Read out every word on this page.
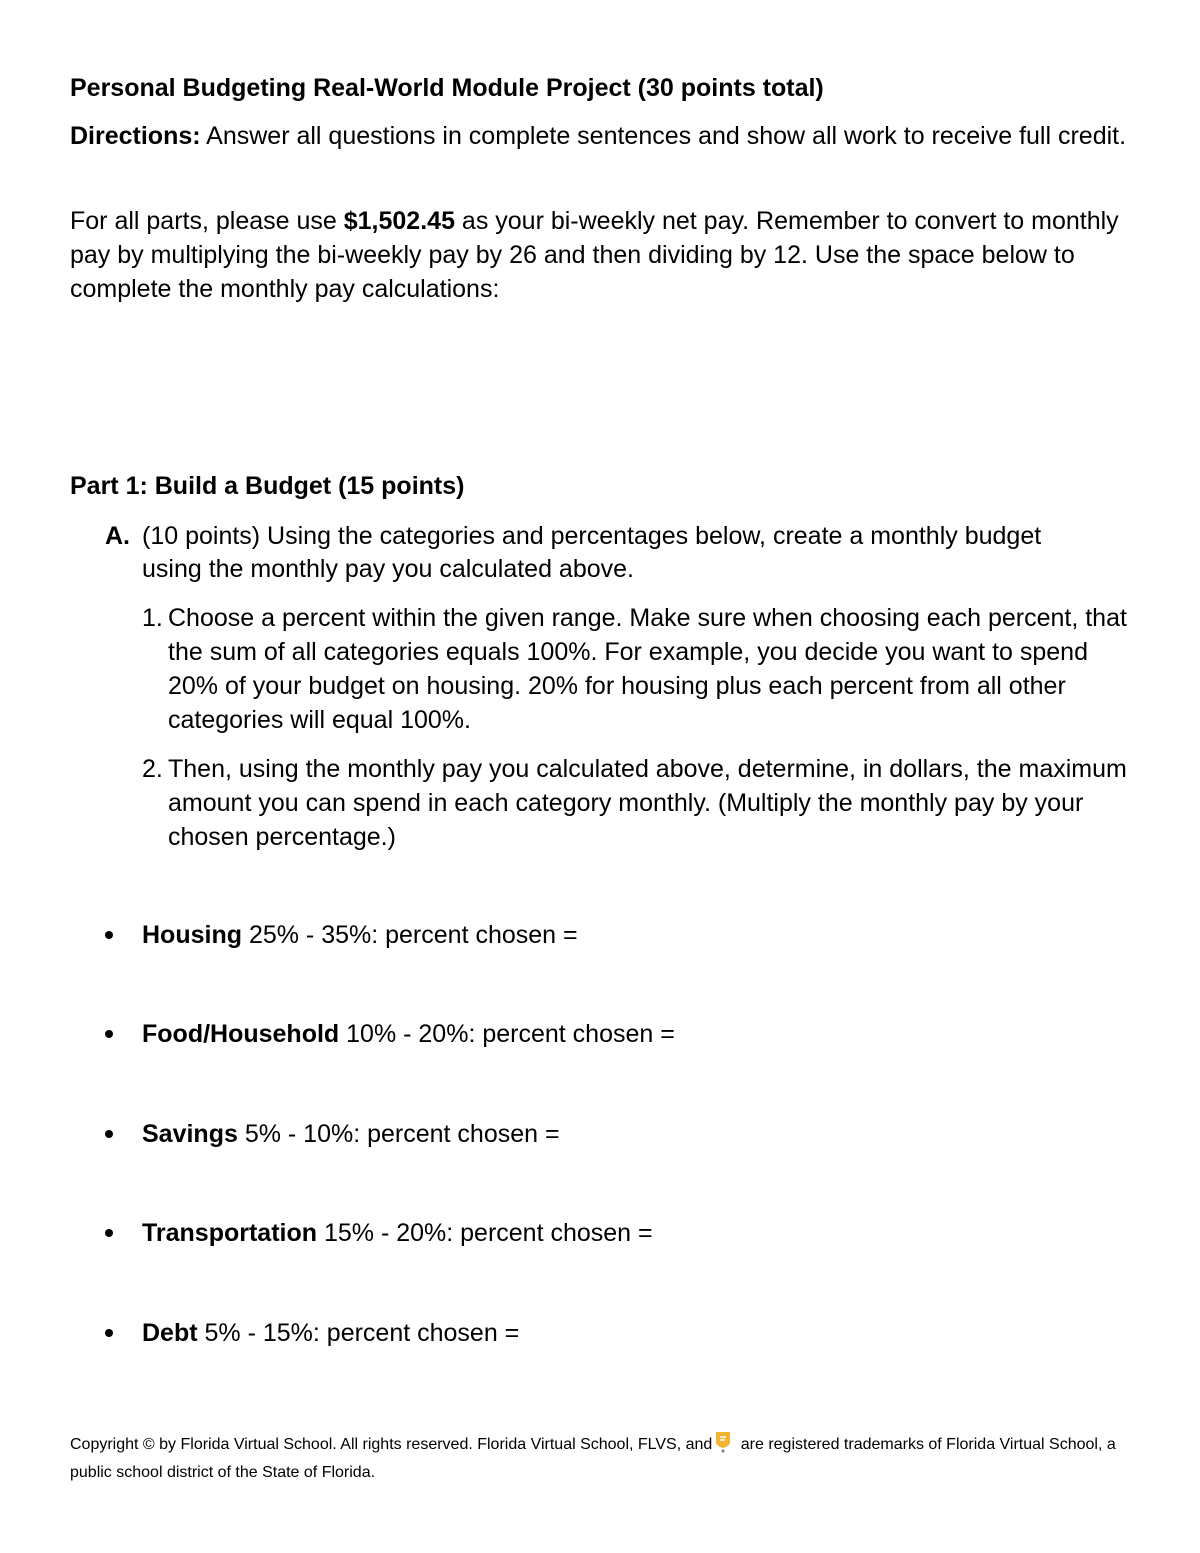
Personal Budgeting Real-World Module Project (30 points total)

Directions: Answer all questions in complete sentences and show all work to receive full credit.

For all parts, please use $1,502.45 as your bi-weekly net pay. Remember to convert to monthly pay by multiplying the bi-weekly pay by 26 and then dividing by 12. Use the space below to complete the monthly pay calculations:

Part 1: Build a Budget (15 points)

A. (10 points) Using the categories and percentages below, create a monthly budget using the monthly pay you calculated above.
1. Choose a percent within the given range. Make sure when choosing each percent, that the sum of all categories equals 100%. For example, you decide you want to spend 20% of your budget on housing. 20% for housing plus each percent from all other categories will equal 100%.
2. Then, using the monthly pay you calculated above, determine, in dollars, the maximum amount you can spend in each category monthly. (Multiply the monthly pay by your chosen percentage.)
Housing 25% - 35%: percent chosen =
Food/Household 10% - 20%: percent chosen =
Savings 5% - 10%: percent chosen =
Transportation 15% - 20%: percent chosen =
Debt 5% - 15%: percent chosen =
Copyright © by Florida Virtual School. All rights reserved. Florida Virtual School, FLVS, and are registered trademarks of Florida Virtual School, a public school district of the State of Florida.
